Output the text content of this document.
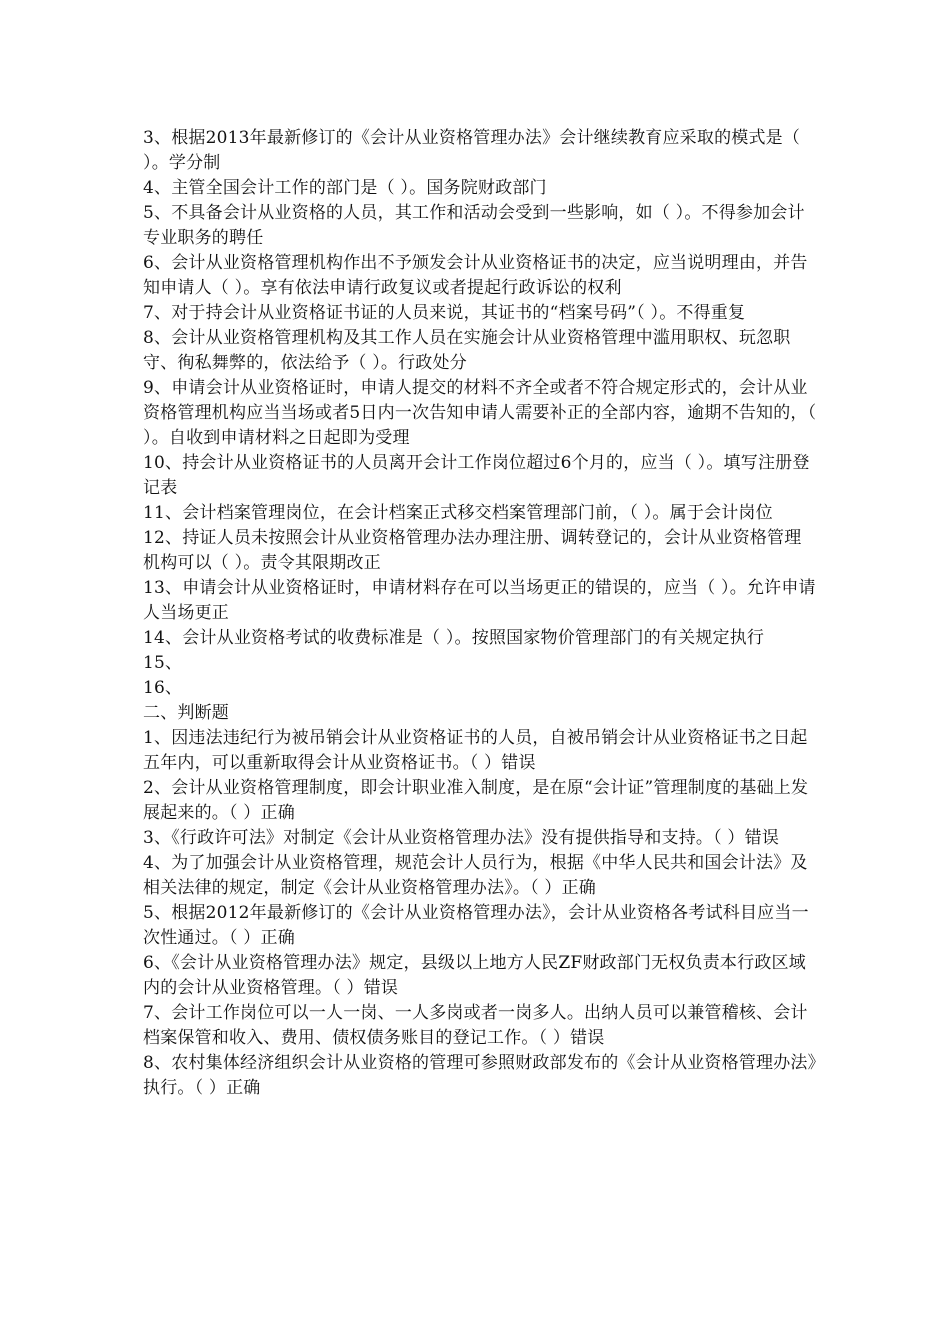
3、根据2013年最新修订的《会计从业资格管理办法》会计继续教育应采取的模式是（ ）。学分制

4、主管全国会计工作的部门是（ ）。国务院财政部门

5、不具备会计从业资格的人员，其工作和活动会受到一些影响，如（ ）。不得参加会计专业职务的聘任

6、会计从业资格管理机构作出不予颁发会计从业资格证书的决定，应当说明理由，并告知申请人（ ）。享有依法申请行政复议或者提起行政诉讼的权利

7、对于持会计从业资格证书证的人员来说，其证书的“档案号码”（ ）。不得重复

8、会计从业资格管理机构及其工作人员在实施会计从业资格管理中滥用职权、玩忽职守、徇私舞弊的，依法给予（ ）。行政处分

9、申请会计从业资格证时，申请人提交的材料不齐全或者不符合规定形式的，会计从业资格管理机构应当当场或者5日内一次告知申请人需要补正的全部内容，逾期不告知的，（ ）。自收到申请材料之日起即为受理

10、持会计从业资格证书的人员离开会计工作岗位超过6个月的，应当（ ）。填写注册登记表

11、会计档案管理岗位，在会计档案正式移交档案管理部门前，（ ）。属于会计岗位

12、持证人员未按照会计从业资格管理办法办理注册、调转登记的，会计从业资格管理机构可以（ ）。责令其限期改正

13、申请会计从业资格证时，申请材料存在可以当场更正的错误的，应当（ ）。允许申请人当场更正

14、会计从业资格考试的收费标准是（ ）。按照国家物价管理部门的有关规定执行

15、

16、

二、判断题

1、因违法违纪行为被吊销会计从业资格证书的人员，自被吊销会计从业资格证书之日起五年内，可以重新取得会计从业资格证书。（ ）错误

2、会计从业资格管理制度，即会计职业准入制度，是在原“会计证”管理制度的基础上发展起来的。（ ）正确

3、《行政许可法》对制定《会计从业资格管理办法》没有提供指导和支持。（ ）错误

4、为了加强会计从业资格管理，规范会计人员行为，根据《中华人民共和国会计法》及相关法律的规定，制定《会计从业资格管理办法》。（ ）正确

5、根据2012年最新修订的《会计从业资格管理办法》，会计从业资格各考试科目应当一次性通过。（ ）正确

6、《会计从业资格管理办法》规定，县级以上地方人民ZF财政部门无权负责本行政区域内的会计从业资格管理。（ ）错误

7、会计工作岗位可以一人一岗、一人多岗或者一岗多人。出纳人员可以兼管稽核、会计档案保管和收入、费用、债权债务账目的登记工作。（ ）错误

8、农村集体经济组织会计从业资格的管理可参照财政部发布的《会计从业资格管理办法》执行。（ ）正确
